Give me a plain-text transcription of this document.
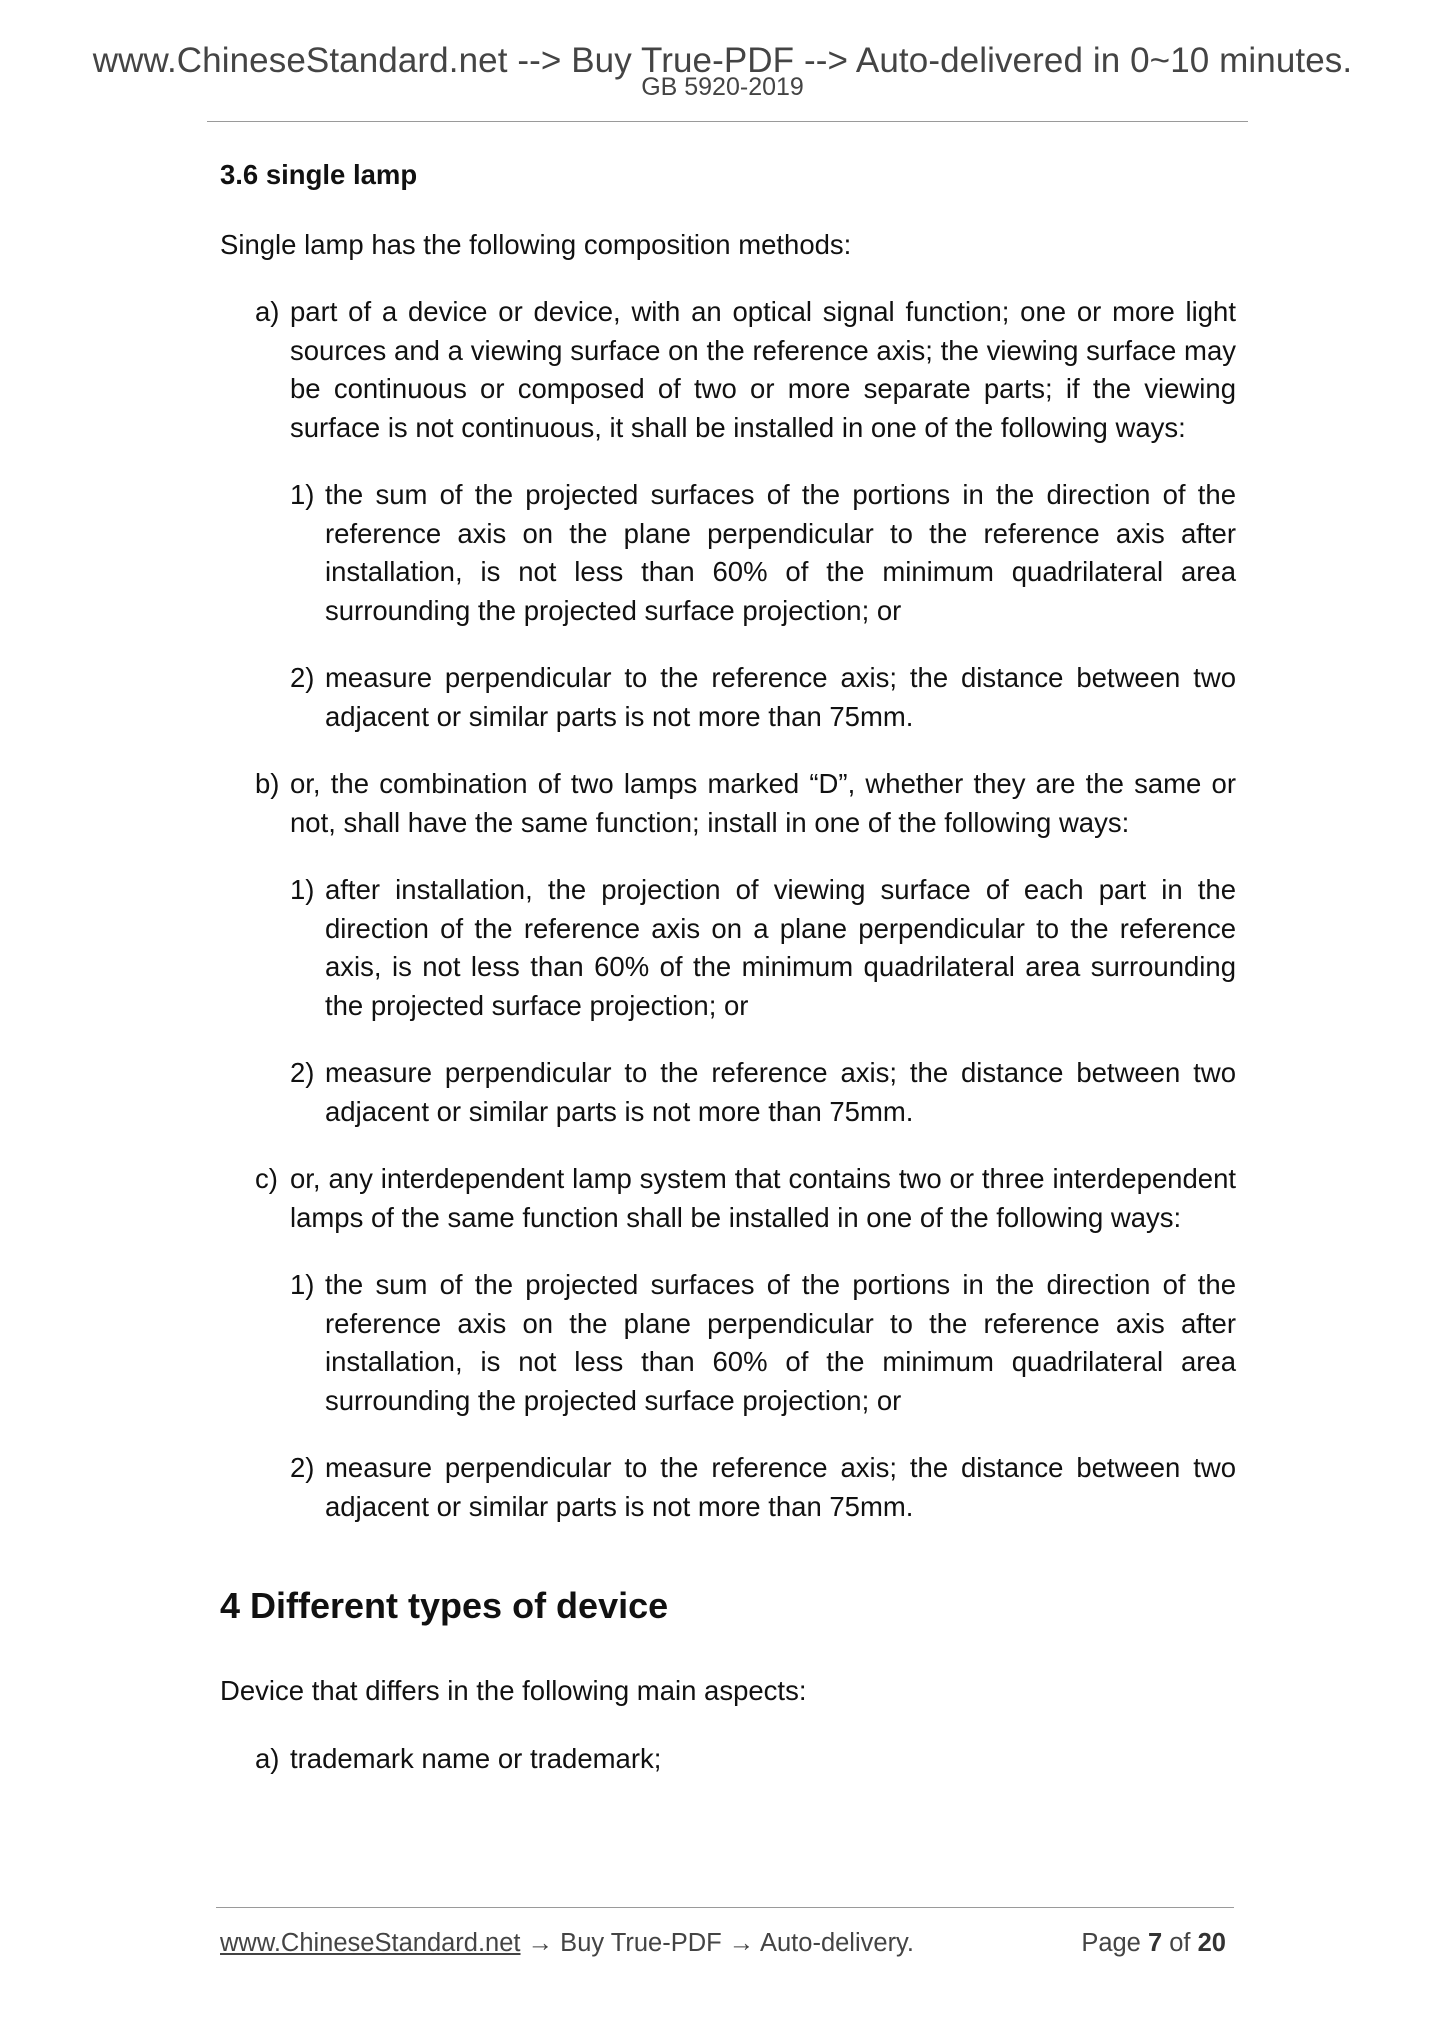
www.ChineseStandard.net --> Buy True-PDF --> Auto-delivered in 0~10 minutes.
GB 5920-2019
3.6 single lamp
Single lamp has the following composition methods:
a) part of a device or device, with an optical signal function; one or more light sources and a viewing surface on the reference axis; the viewing surface may be continuous or composed of two or more separate parts; if the viewing surface is not continuous, it shall be installed in one of the following ways:
1) the sum of the projected surfaces of the portions in the direction of the reference axis on the plane perpendicular to the reference axis after installation, is not less than 60% of the minimum quadrilateral area surrounding the projected surface projection; or
2) measure perpendicular to the reference axis; the distance between two adjacent or similar parts is not more than 75mm.
b) or, the combination of two lamps marked “D”, whether they are the same or not, shall have the same function; install in one of the following ways:
1) after installation, the projection of viewing surface of each part in the direction of the reference axis on a plane perpendicular to the reference axis, is not less than 60% of the minimum quadrilateral area surrounding the projected surface projection; or
2) measure perpendicular to the reference axis; the distance between two adjacent or similar parts is not more than 75mm.
c) or, any interdependent lamp system that contains two or three interdependent lamps of the same function shall be installed in one of the following ways:
1) the sum of the projected surfaces of the portions in the direction of the reference axis on the plane perpendicular to the reference axis after installation, is not less than 60% of the minimum quadrilateral area surrounding the projected surface projection; or
2) measure perpendicular to the reference axis; the distance between two adjacent or similar parts is not more than 75mm.
4 Different types of device
Device that differs in the following main aspects:
a) trademark name or trademark;
www.ChineseStandard.net → Buy True-PDF → Auto-delivery.	Page 7 of 20
